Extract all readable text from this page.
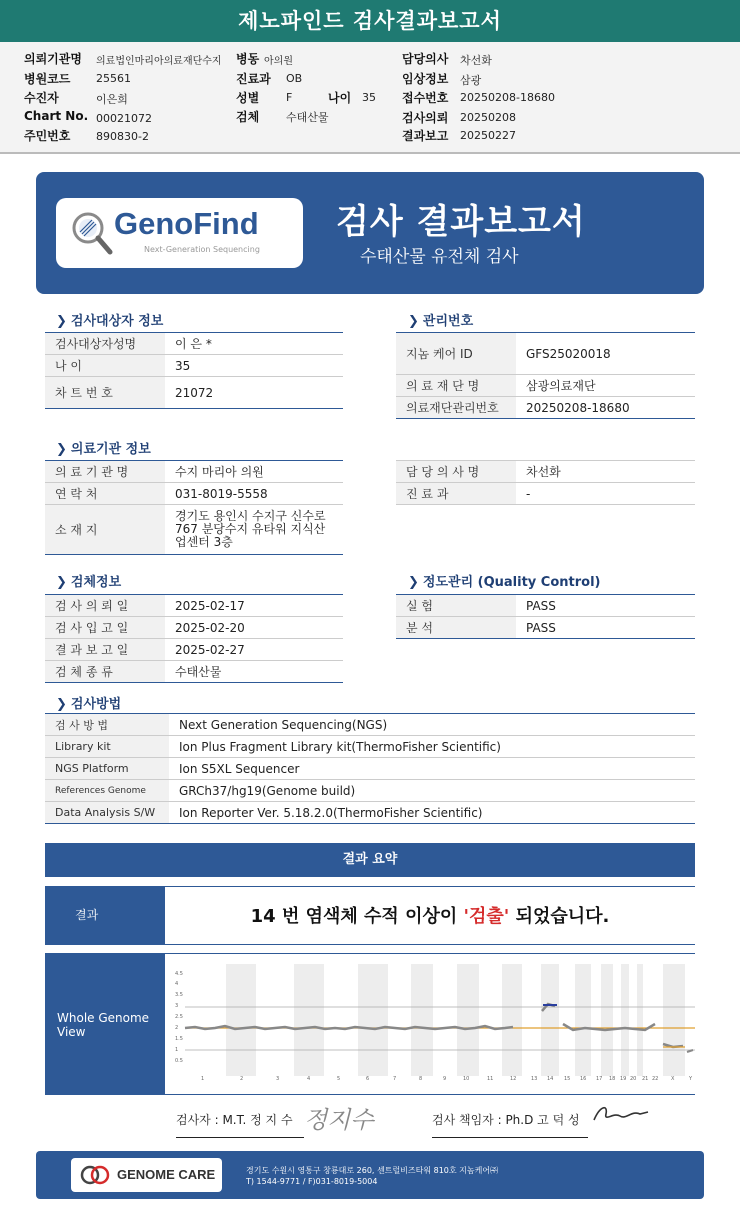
제노파인드 검사결과보고서
의뢰기관명 의료법인마리아의료재단수지 병동 아의원	담당의사 차선화
병원코드 25561	진료과 OB	임상정보 삼광
수진자	이은희	성별 F	나이 35 접수번호 20250208-18680
Chart No. 00021072	검체 수태산물	검사의뢰 20250208
주민번호 890830-2	결과보고 20250227
GenoFind
Next-Generation Sequencing
검사 결과보고서
수태산물 유전체 검사
❯ 검사대상자 정보
검사대상자성명	이 은 *
나 이	35
차 트 번 호	21072
❯ 관리번호
지놈 케어 ID	GFS25020018
의 료 재 단 명	삼광의료재단
의료재단관리번호	20250208-18680
❯ 의료기관 정보
의 료 기 관 명	수지 마리아 의원
연 락 처	031-8019-5558
소 재 지	경기도 용인시 수지구 신수로 767 분당수지 유타워 지식산업센터 3층
담 당 의 사 명	차선화
진 료 과	-
❯ 검체정보
검 사 의 뢰 일	2025-02-17
검 사 입 고 일	2025-02-20
결 과 보 고 일	2025-02-27
검 체 종 류	수태산물
❯ 정도관리 (Quality Control)
실 험	PASS
분 석	PASS
❯ 검사방법
검 사 방 법	Next Generation Sequencing(NGS)
Library kit	Ion Plus Fragment Library kit(ThermoFisher Scientific)
NGS Platform	Ion S5XL Sequencer
References Genome	GRCh37/hg19(Genome build)
Data Analysis S/W	Ion Reporter Ver. 5.18.2.0(ThermoFisher Scientific)
결과 요약
결과	14 번 염색체 수적 이상이 '검출' 되었습니다.
Whole Genome View
4.5
4
3.5
3
2.5
2
1.5
1
0.5
1	2	3	4	5	6	7	8	9	10	11	12	13 14 15 16 17 18 19 20 21 22	X	Y
검사자 : M.T. 정 지 수 정지수	검사 책임자 : Ph.D 고 덕 성
GENOME CARE	경기도 수원시 영통구 창룡대로 260, 센트럴비즈타워 810호 지놈케어㈜
T) 1544-9771 / F)031-8019-5004
